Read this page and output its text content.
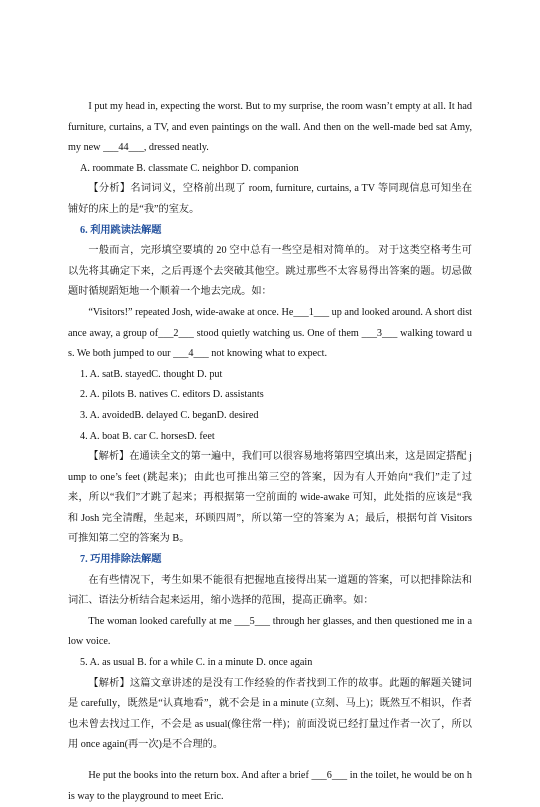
I put my head in, expecting the worst. But to my surprise, the room wasn’t empty at all. It had furniture, curtains, a TV, and even paintings on the wall. And then on the well-made bed sat Amy, my new ___44___, dressed neatly.

A. roommate B. classmate C. neighbor D. companion

【分析】名词词义，空格前出现了 room, furniture, curtains, a TV 等同现信息可知坐在铺好的床上的是“我”的室友。

6. 利用跳读法解题

一般而言，完形填空要填的 20 空中总有一些空是相对简单的。 对于这类空格考生可以先将其确定下来，之后再逐个去突破其他空。跳过那些不太容易得出答案的题。切忌做题时循规蹈矩地一个顺着一个地去完成。如：

“Visitors!” repeated Josh, wide-awake at once. He___1___ up and looked around. A short distance away, a group of___2___ stood quietly watching us. One of them ___3___ walking toward us. We both jumped to our ___4___ not knowing what to expect.

1. A. satB. stayedC. thought D. put

2. A. pilots B. natives C. editors D. assistants

3. A. avoidedB. delayed C. beganD. desired

4. A. boat B. car C. horsesD. feet

【解析】在通读全文的第一遍中，我们可以很容易地将第四空填出来，这是固定搭配 jump to one’s feet (跳起来)；由此也可推出第三空的答案，因为有人开始向“我们”走了过来，所以“我们”才跳了起来；再根据第一空前面的 wide-awake 可知，此处指的应该是“我和 Josh 完全清醒，坐起来，环顾四周”，所以第一空的答案为 A；最后，根据句首 Visitors 可推知第二空的答案为 B。

7. 巧用排除法解题

在有些情况下，考生如果不能很有把握地直接得出某一道题的答案，可以把排除法和词汇、语法分析结合起来运用，缩小选择的范围，提高正确率。如：

The woman looked carefully at me ___5___ through her glasses, and then questioned me in a low voice.

5. A. as usual B. for a while C. in a minute D. once again

【解析】这篇文章讲述的是没有工作经验的作者找到工作的故事。此题的解题关键词是 carefully，既然是“认真地看”，就不会是 in a minute (立刻、马上)；既然互不相识，作者也未曾去找过工作，不会是 as usual(像往常一样)；前面没说已经打量过作者一次了，所以用 once again(再一次)是不合理的。

He put the books into the return box. And after a brief ___6___ in the toilet, he would be on his way to the playground to meet Eric.
